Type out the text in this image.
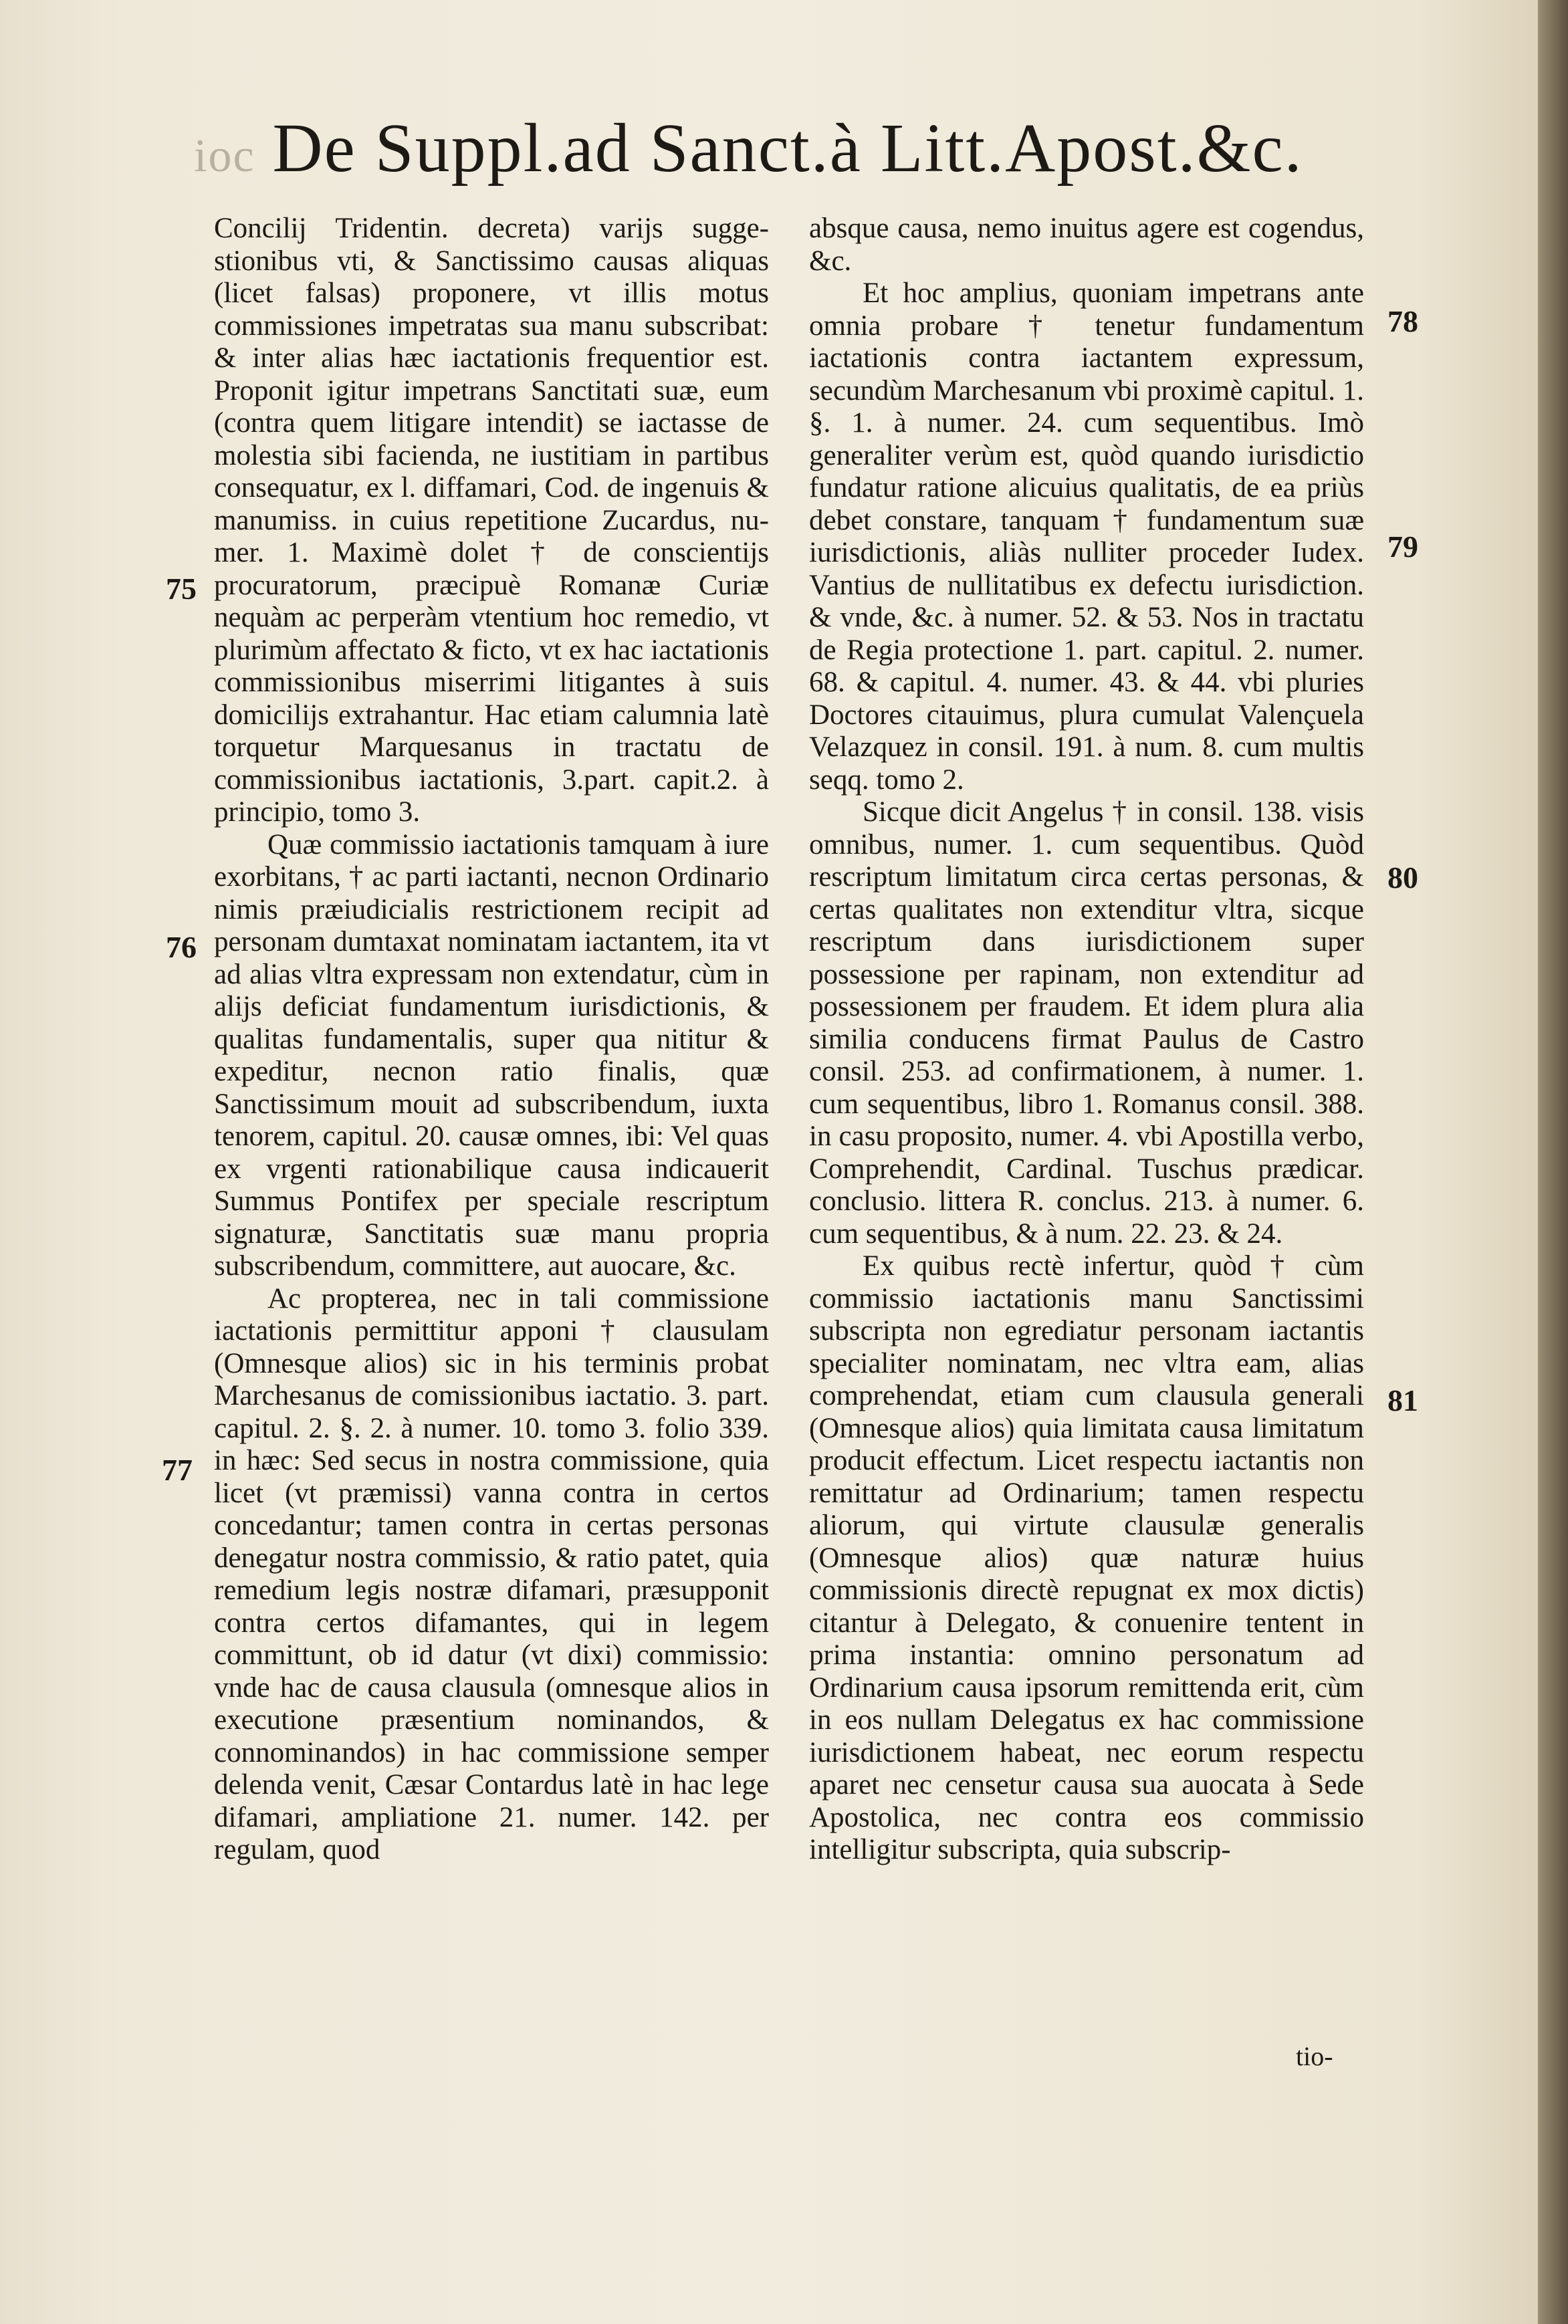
ioc De Suppl.ad Sanct.à Litt.Apost.&c.

Concilij Tridentin. decreta) varijs suggestionibus vti, & Sanctissimo causas aliquas (licet falsas) proponere, vt illis motus commissiones impetratas sua manu subscribat: & inter alias hæc iactationis frequentior est. Proponit igitur impetrans Sanctitati suæ, eum (contra quem litigare intendit) se iactasse de molestia sibi facienda, ne iustitiam in partibus consequatur, ex l. diffamari, Cod. de ingenuis & manumiss. in cuius repetitione Zucardus, numer. 1. Maximè dolet † de conscientijs procuratorum, præcipuè Romanæ Curiæ nequàm ac perperàm vtentium hoc remedio, vt plurimùm affectato & ficto, vt ex hac iactationis commissionibus miserrimi litigantes à suis domicilijs extrahantur. Hac etiam calumnia latè torquetur Marquesanus in tractatu de commissionibus iactationis, 3.part. capit.2. à principio, tomo 3.

Quæ commissio iactationis tamquam à iure exorbitans, † ac parti iactanti, necnon Ordinario nimis præiudicialis restrictionem recipit ad personam dumtaxat nominatam iactantem, ita vt ad alias vltra expressam non extendatur, cùm in alijs deficiat fundamentum iurisdictionis, & qualitas fundamentalis, super qua nititur & expeditur, necnon ratio finalis, quæ Sanctissimum mouit ad subscribendum, iuxta tenorem, capitul. 20. causæ omnes, ibi: Vel quas ex vrgenti rationabilique causa indicauerit Summus Pontifex per speciale rescriptum signaturæ, Sanctitatis suæ manu propria subscribendum, committere, aut auocare, &c.

Ac propterea, nec in tali commissione iactationis permittitur apponi † clausulam (Omnesque alios) sic in his terminis probat Marchesanus de comissionibus iactatio. 3. part. capitul. 2. §. 2. à numer. 10. tomo 3. folio 339. in hæc: Sed secus in nostra commissione, quia licet (vt præmissi) vanna contra in certos concedantur; tamen contra in certas personas denegatur nostra commissio, & ratio patet, quia remedium legis nostræ difamari, præsupponit contra certos difamantes, qui in legem committunt, ob id datur (vt dixi) commissio: vnde hac de causa clausula (omnesque alios in executione præsentium nominandos, & connominandos) in hac commissione semper delenda venit, Cæsar Contardus latè in hac lege difamari, ampliatione 21. numer. 142. per regulam, quod

absque causa, nemo inuitus agere est cogendus, &c.

Et hoc amplius, quoniam impetrans ante omnia probare † tenetur fundamentum iactationis contra iactantem expressum, secundùm Marchesanum vbi proximè capitul. 1. §. 1. à numer. 24. cum sequentibus. Imò generaliter verùm est, quòd quando iurisdictio fundatur ratione alicuius qualitatis, de ea priùs debet constare, tanquam † fundamentum suæ iurisdictionis, aliàs nulliter proceder Iudex. Vantius de nullitatibus ex defectu iurisdiction. & vnde, &c. à numer. 52. & 53. Nos in tractatu de Regia protectione 1. part. capitul. 2. numer. 68. & capitul. 4. numer. 43. & 44. vbi pluries Doctores citauimus, plura cumulat Valençuela Velazquez in consil. 191. à num. 8. cum multis seqq. tomo 2.

Sicque dicit Angelus † in consil. 138. visis omnibus, numer. 1. cum sequentibus. Quòd rescriptum limitatum circa certas personas, & certas qualitates non extenditur vltra, sicque rescriptum dans iurisdictionem super possessione per rapinam, non extenditur ad possessionem per fraudem. Et idem plura alia similia conducens firmat Paulus de Castro consil. 253. ad confirmationem, à numer. 1. cum sequentibus, libro 1. Romanus consil. 388. in casu proposito, numer. 4. vbi Apostilla verbo, Comprehendit, Cardinal. Tuschus prædicar. conclusio. littera R. conclus. 213. à numer. 6. cum sequentibus, & à num. 22. 23. & 24.

Ex quibus rectè infertur, quòd † cùm commissio iactationis manu Sanctissimi subscripta non egrediatur personam iactantis specialiter nominatam, nec vltra eam, alias comprehendat, etiam cum clausula generali (Omnesque alios) quia limitata causa limitatum producit effectum. Licet respectu iactantis non remittatur ad Ordinarium; tamen respectu aliorum, qui virtute clausulæ generalis (Omnesque alios) quæ naturæ huius commissionis directè repugnat ex mox dictis) citantur à Delegato, & conuenire tentent in prima instantia: omnino personatum ad Ordinarium causa ipsorum remittenda erit, cùm in eos nullam Delegatus ex hac commissione iurisdictionem habeat, nec eorum respectu aparet nec censetur causa sua auocata à Sede Apostolica, nec contra eos commissio intelligitur subscripta, quia subscrip-

75
76
77
78
79
80
81
tio-
